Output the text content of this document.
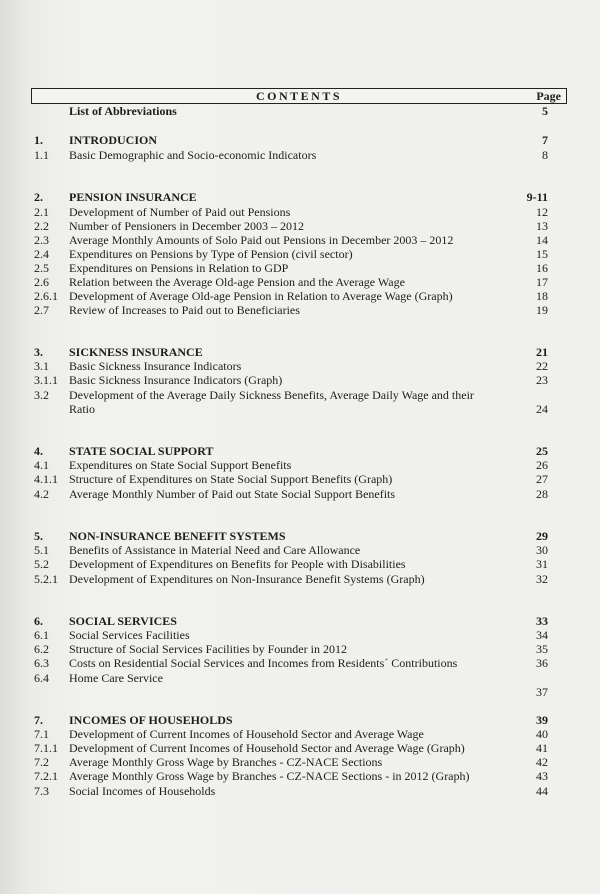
CONTENTS	Page
List of Abbreviations	5
1. INTRODUCION	7
1.1 Basic Demographic and Socio-economic Indicators	8
2. PENSION INSURANCE	9-11
2.1 Development of Number of Paid out Pensions	12
2.2 Number of Pensioners in December 2003 – 2012	13
2.3 Average Monthly Amounts of Solo Paid out Pensions in December 2003 – 2012	14
2.4 Expenditures on Pensions by Type of Pension (civil sector)	15
2.5 Expenditures on Pensions in Relation to GDP	16
2.6 Relation between the Average Old-age Pension and the Average Wage	17
2.6.1 Development of Average Old-age Pension in Relation to Average Wage (Graph)	18
2.7 Review of Increases to Paid out to Beneficiaries	19
3. SICKNESS INSURANCE	21
3.1 Basic Sickness Insurance Indicators	22
3.1.1 Basic Sickness Insurance Indicators (Graph)	23
3.2 Development of the Average Daily Sickness Benefits, Average Daily Wage and their
Ratio	24
4. STATE SOCIAL SUPPORT	25
4.1 Expenditures on State Social Support Benefits	26
4.1.1 Structure of Expenditures on State Social Support Benefits (Graph)	27
4.2 Average Monthly Number of Paid out State Social Support Benefits	28
5. NON-INSURANCE BENEFIT SYSTEMS	29
5.1 Benefits of Assistance in Material Need and Care Allowance	30
5.2 Development of Expenditures on Benefits for People with Disabilities	31
5.2.1 Development of Expenditures on Non-Insurance Benefit Systems (Graph)	32
6. SOCIAL SERVICES	33
6.1 Social Services Facilities	34
6.2 Structure of Social Services Facilities by Founder in 2012	35
6.3 Costs on Residential Social Services and Incomes from Residents´ Contributions	36
6.4 Home Care Service
37
7. INCOMES OF HOUSEHOLDS	39
7.1 Development of Current Incomes of Household Sector and Average Wage	40
7.1.1 Development of Current Incomes of Household Sector and Average Wage (Graph)	41
7.2 Average Monthly Gross Wage by Branches - CZ-NACE Sections	42
7.2.1 Average Monthly Gross Wage by Branches - CZ-NACE Sections - in 2012 (Graph)	43
7.3 Social Incomes of Households	44
